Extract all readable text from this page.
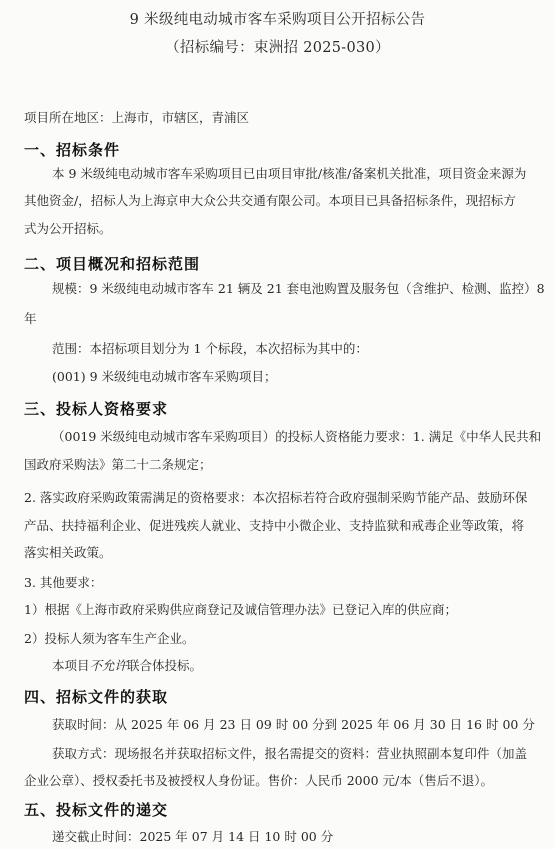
9 米级纯电动城市客车采购项目公开招标公告
（招标编号：束洲招 2025-030）
项目所在地区：上海市，市辖区，青浦区
一、招标条件
本 9 米级纯电动城市客车采购项目已由项目审批/核准/备案机关批准，项目资金来源为
其他资金/，招标人为上海京申大众公共交通有限公司。本项目已具备招标条件，现招标方
式为公开招标。
二、项目概况和招标范围
规模：9 米级纯电动城市客车 21 辆及 21 套电池购置及服务包（含维护、检测、监控）8
年
范围：本招标项目划分为 1 个标段，本次招标为其中的：
(001) 9 米级纯电动城市客车采购项目；
三、投标人资格要求
（0019 米级纯电动城市客车采购项目）的投标人资格能力要求：1. 满足《中华人民共和
国政府采购法》第二十二条规定；
2. 落实政府采购政策需满足的资格要求：本次招标若符合政府强制采购节能产品、鼓励环保
产品、扶持福利企业、促进残疾人就业、支持中小微企业、支持监狱和戒毒企业等政策，将
落实相关政策。
3. 其他要求：
1）根据《上海市政府采购供应商登记及诚信管理办法》已登记入库的供应商；
2）投标人须为客车生产企业。
本项目不允许联合体投标。
四、招标文件的获取
获取时间：从 2025 年 06 月 23 日 09 时 00 分到 2025 年 06 月 30 日 16 时 00 分
获取方式：现场报名并获取招标文件，报名需提交的资料：营业执照副本复印件（加盖
企业公章）、授权委托书及被授权人身份证。售价：人民币 2000 元/本（售后不退）。
五、投标文件的递交
递交截止时间：2025 年 07 月 14 日 10 时 00 分
